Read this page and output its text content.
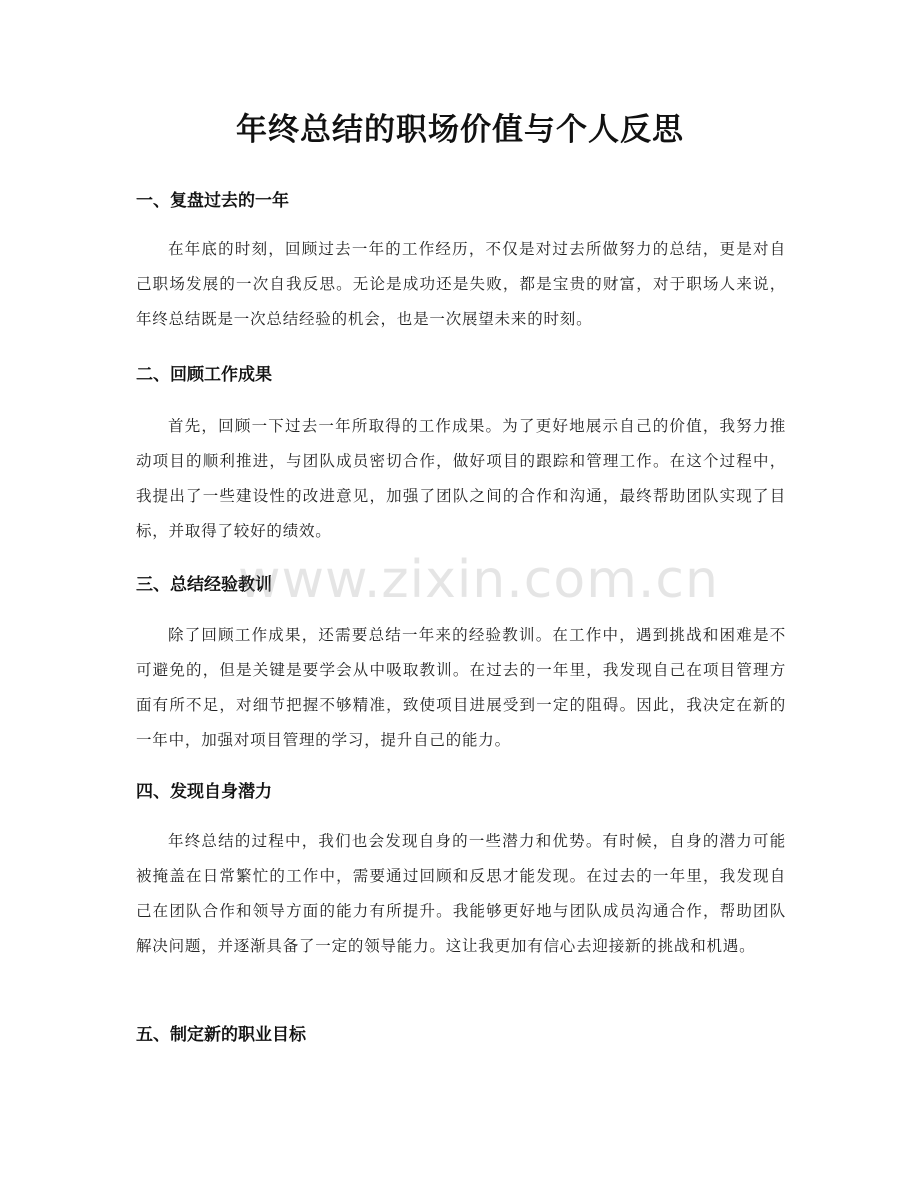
年终总结的职场价值与个人反思
一、复盘过去的一年

在年底的时刻，回顾过去一年的工作经历，不仅是对过去所做努力的总结，更是对自己职场发展的一次自我反思。无论是成功还是失败，都是宝贵的财富，对于职场人来说，年终总结既是一次总结经验的机会，也是一次展望未来的时刻。

二、回顾工作成果

首先，回顾一下过去一年所取得的工作成果。为了更好地展示自己的价值，我努力推动项目的顺利推进，与团队成员密切合作，做好项目的跟踪和管理工作。在这个过程中，我提出了一些建设性的改进意见，加强了团队之间的合作和沟通，最终帮助团队实现了目标，并取得了较好的绩效。

三、总结经验教训

除了回顾工作成果，还需要总结一年来的经验教训。在工作中，遇到挑战和困难是不可避免的，但是关键是要学会从中吸取教训。在过去的一年里，我发现自己在项目管理方面有所不足，对细节把握不够精准，致使项目进展受到一定的阻碍。因此，我决定在新的一年中，加强对项目管理的学习，提升自己的能力。

四、发现自身潜力

年终总结的过程中，我们也会发现自身的一些潜力和优势。有时候，自身的潜力可能被掩盖在日常繁忙的工作中，需要通过回顾和反思才能发现。在过去的一年里，我发现自己在团队合作和领导方面的能力有所提升。我能够更好地与团队成员沟通合作，帮助团队解决问题，并逐渐具备了一定的领导能力。这让我更加有信心去迎接新的挑战和机遇。

五、制定新的职业目标
www.zixin.com.cn
